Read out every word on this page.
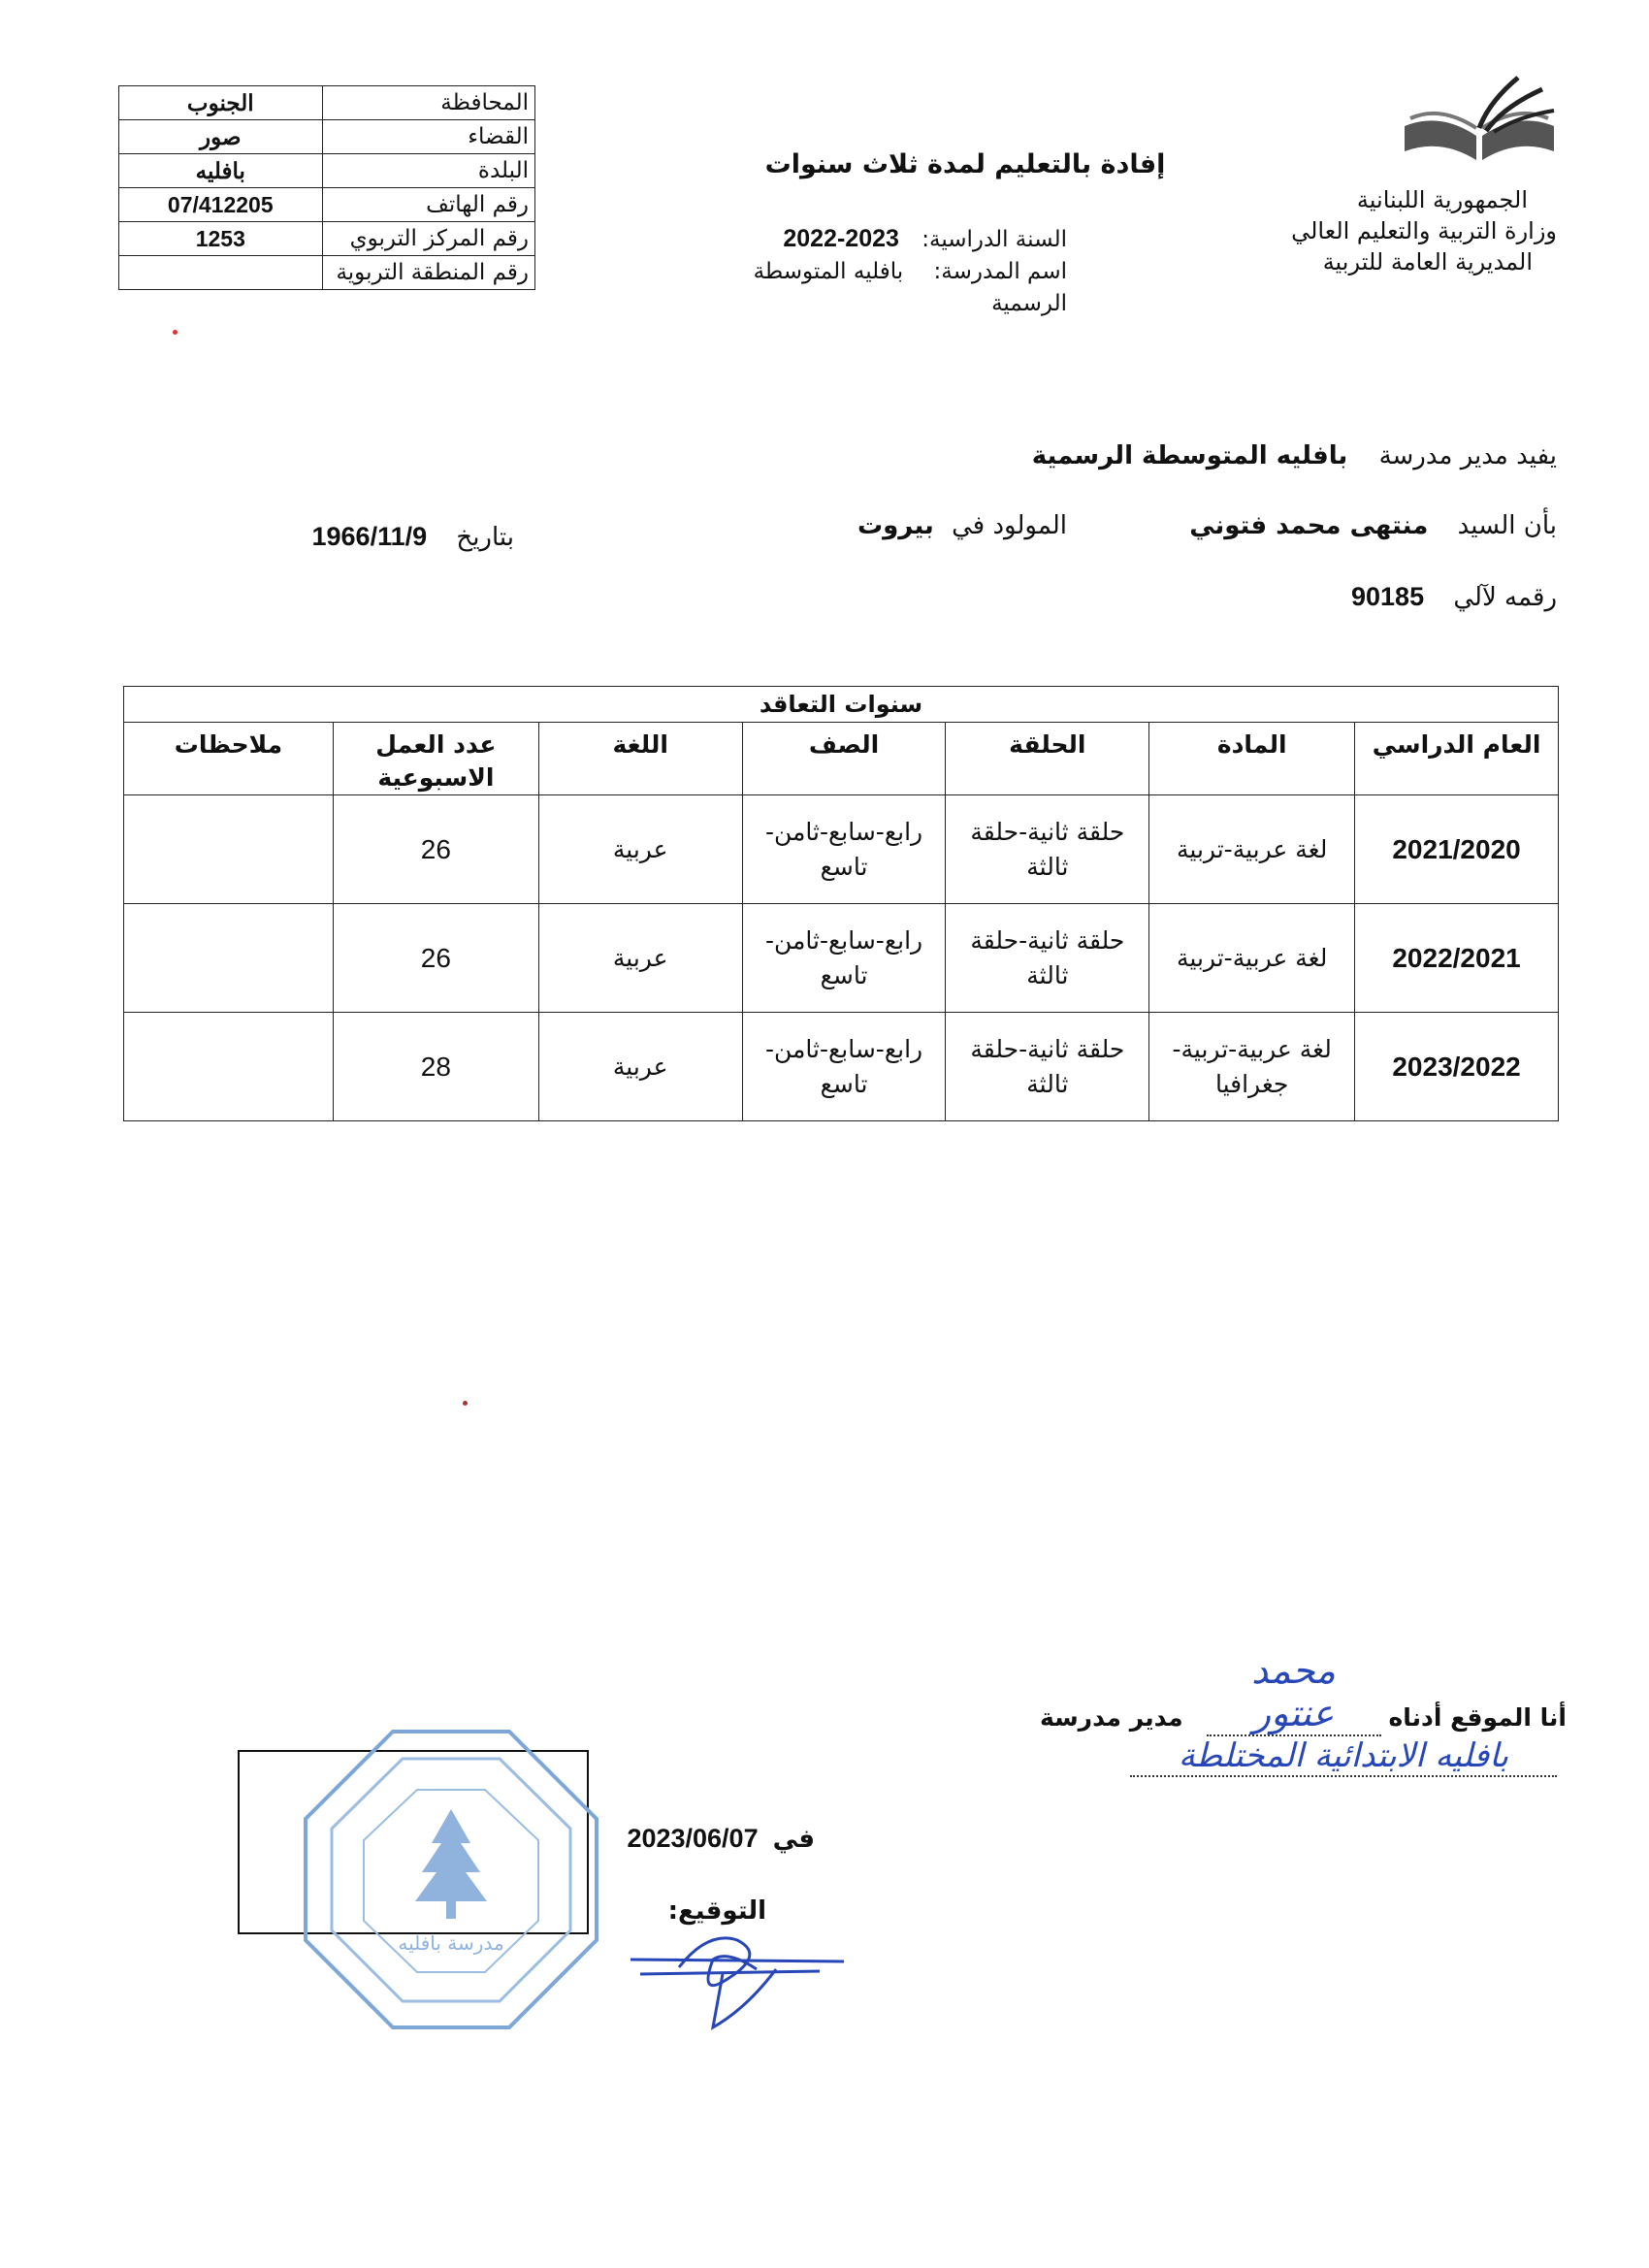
الجمهورية اللبنانية
وزارة التربية والتعليم العالي
المديرية العامة للتربية
إفادة بالتعليم لمدة ثلاث سنوات
السنة الدراسية: 2023-2022
اسم المدرسة: بافليه المتوسطة الرسمية
المحافظة	الجنوب
القضاء	صور
البلدة	بافليه
رقم الهاتف	07/412205
رقم المركز التربوي	1253
رقم المنطقة التربوية	
يفيد مدير مدرسة بافليه المتوسطة الرسمية
بأن السيد منتهى محمد فتوني
المولود في بيروت
بتاريخ 1966/11/9
رقمه لآلي 90185
سنوات التعاقد						
العام الدراسي	المادة	الحلقة	الصف	اللغة	عدد العمل الاسبوعية	ملاحظات
2021/2020	لغة عربية-تربية	حلقة ثانية-حلقة ثالثة	رابع-سابع-ثامن-تاسع	عربية	26	
2022/2021	لغة عربية-تربية	حلقة ثانية-حلقة ثالثة	رابع-سابع-ثامن-تاسع	عربية	26	
2023/2022	لغة عربية-تربية-جغرافيا	حلقة ثانية-حلقة ثالثة	رابع-سابع-ثامن-تاسع	عربية	28	
أنا الموقع أدناه محمد عنتور مدير مدرسة بافليه الابتدائية المختلطة
في 2023/06/07
التوقيع:
مدرسة بافليه
